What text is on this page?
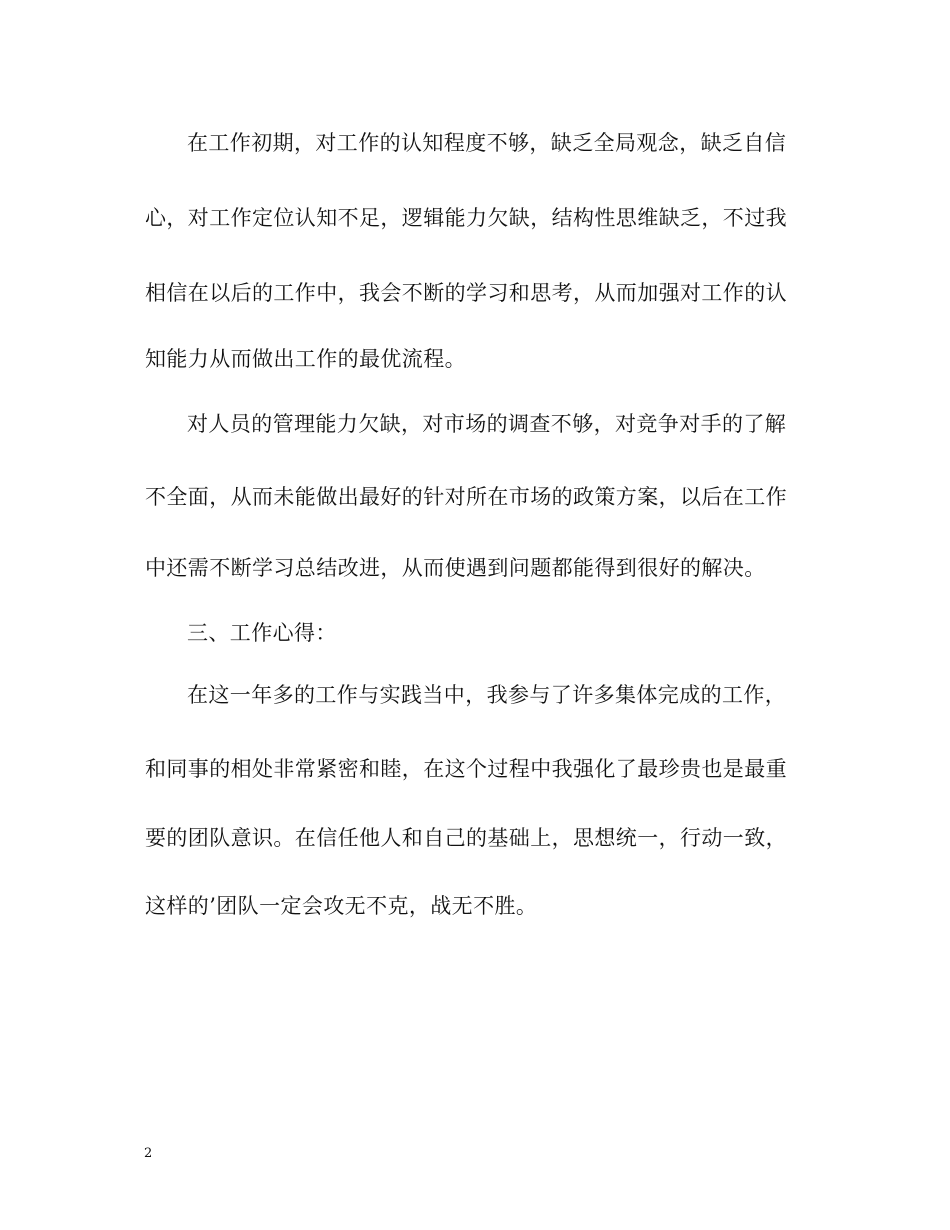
在工作初期，对工作的认知程度不够，缺乏全局观念，缺乏自信
心，对工作定位认知不足，逻辑能力欠缺，结构性思维缺乏，不过我
相信在以后的工作中，我会不断的学习和思考，从而加强对工作的认
知能力从而做出工作的最优流程。
对人员的管理能力欠缺，对市场的调查不够，对竞争对手的了解
不全面，从而未能做出最好的针对所在市场的政策方案，以后在工作
中还需不断学习总结改进，从而使遇到问题都能得到很好的解决。
三、工作心得：
在这一年多的工作与实践当中，我参与了许多集体完成的工作，
和同事的相处非常紧密和睦，在这个过程中我强化了最珍贵也是最重
要的团队意识。在信任他人和自己的基础上，思想统一，行动一致，
这样的’团队一定会攻无不克，战无不胜。
2
